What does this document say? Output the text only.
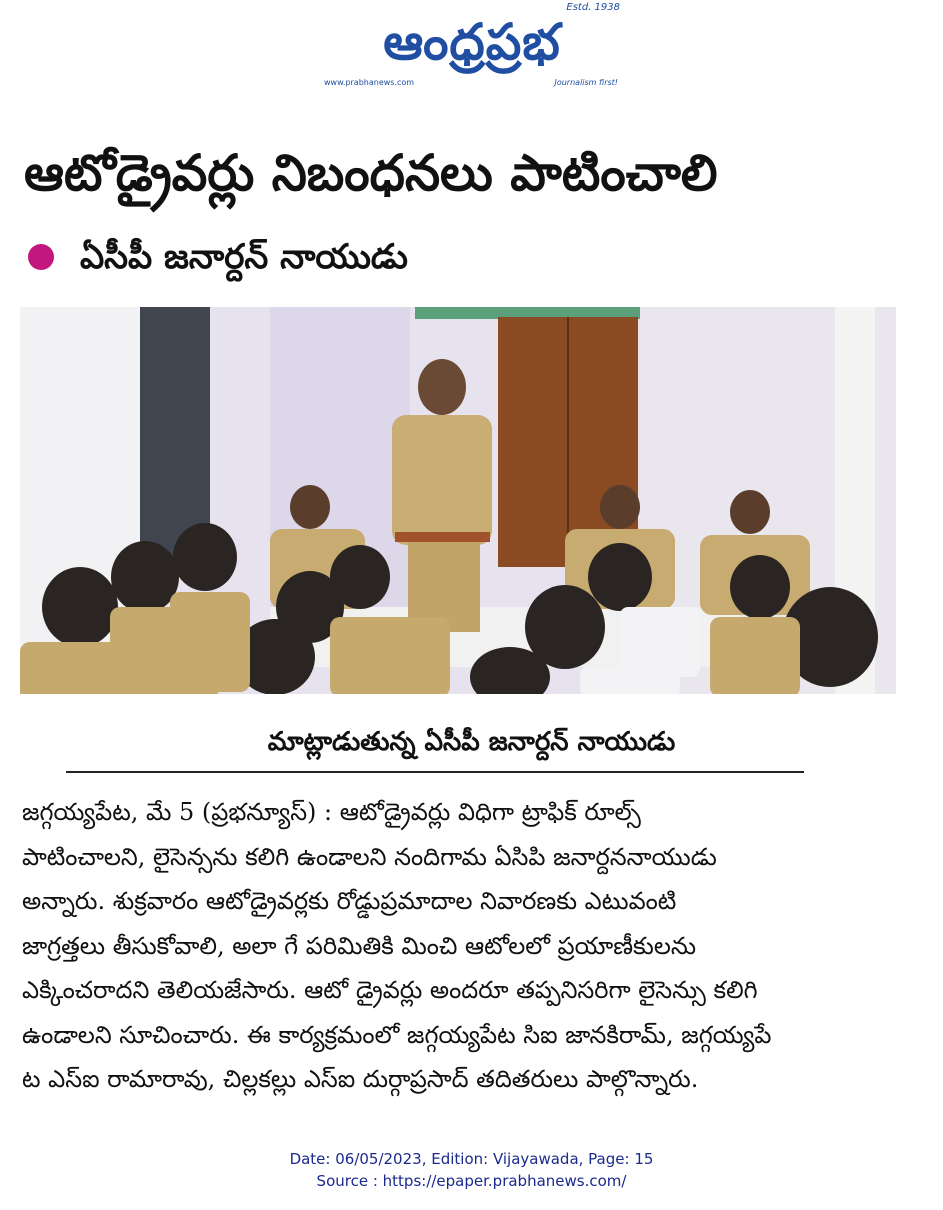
Estd. 1938
ఆంధ్రప్రభ
www.prabhanews.com	Journalism first!
ఆటోడ్రైవర్లు నిబంధనలు పాటించాలి
ఏసీపీ జనార్దన్ నాయుడు
మాట్లాడుతున్న ఏసీపీ జనార్దన్ నాయుడు
జగ్గయ్యపేట, మే 5 (ప్రభన్యూస్) : ఆటోడ్రైవర్లు విధిగా ట్రాఫిక్ రూల్స్
పాటించాలని, లైసెన్సను కలిగి ఉండాలని నందిగామ ఏసిపి జనార్దననాయుడు
అన్నారు. శుక్రవారం ఆటోడ్రైవర్లకు రోడ్డుప్రమాదాల నివారణకు ఎటువంటి
జాగ్రత్తలు తీసుకోవాలి, అలా గే పరిమితికి మించి ఆటోలలో ప్రయాణీకులను
ఎక్కించరాదని తెలియజేసారు. ఆటో డ్రైవర్లు అందరూ తప్పనిసరిగా లైసెన్సు కలిగి
ఉండాలని సూచించారు. ఈ కార్యక్రమంలో జగ్గయ్యపేట సిఐ జానకిరామ్, జగ్గయ్యపే
ట ఎస్ఐ రామారావు, చిల్లకల్లు ఎస్ఐ దుర్గాప్రసాద్ తదితరులు పాల్గొన్నారు.
Date: 06/05/2023, Edition: Vijayawada, Page: 15
Source : https://epaper.prabhanews.com/
